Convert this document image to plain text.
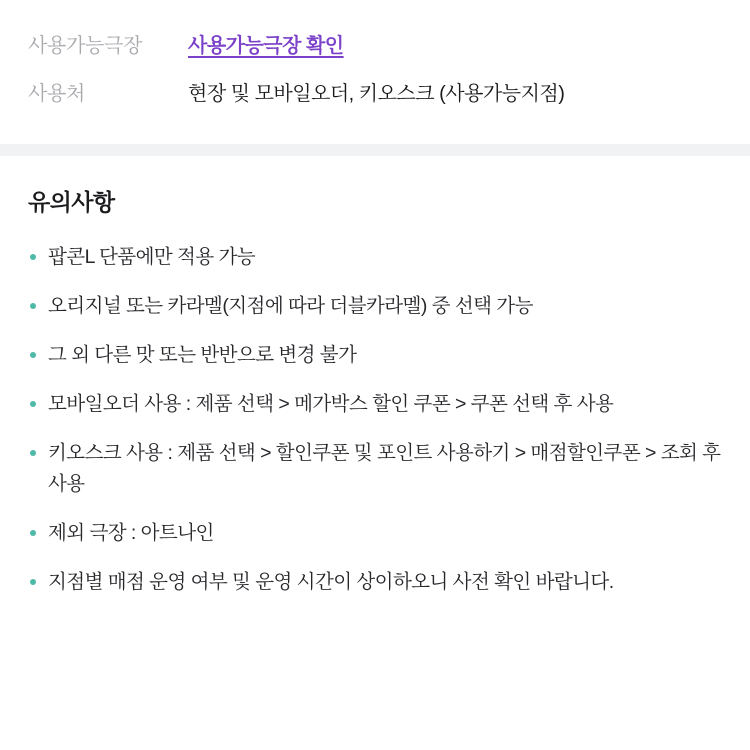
사용가능극장	사용가능극장 확인
사용처	현장 및 모바일오더, 키오스크 (사용가능지점)
유의사항
팝콘L 단품에만 적용 가능
오리지널 또는 카라멜(지점에 따라 더블카라멜) 중 선택 가능
그 외 다른 맛 또는 반반으로 변경 불가
모바일오더 사용 : 제품 선택 > 메가박스 할인 쿠폰 > 쿠폰 선택 후 사용
키오스크 사용 : 제품 선택 > 할인쿠폰 및 포인트 사용하기 > 매점할인쿠폰 > 조회 후 사용
제외 극장 : 아트나인
지점별 매점 운영 여부 및 운영 시간이 상이하오니 사전 확인 바랍니다.
